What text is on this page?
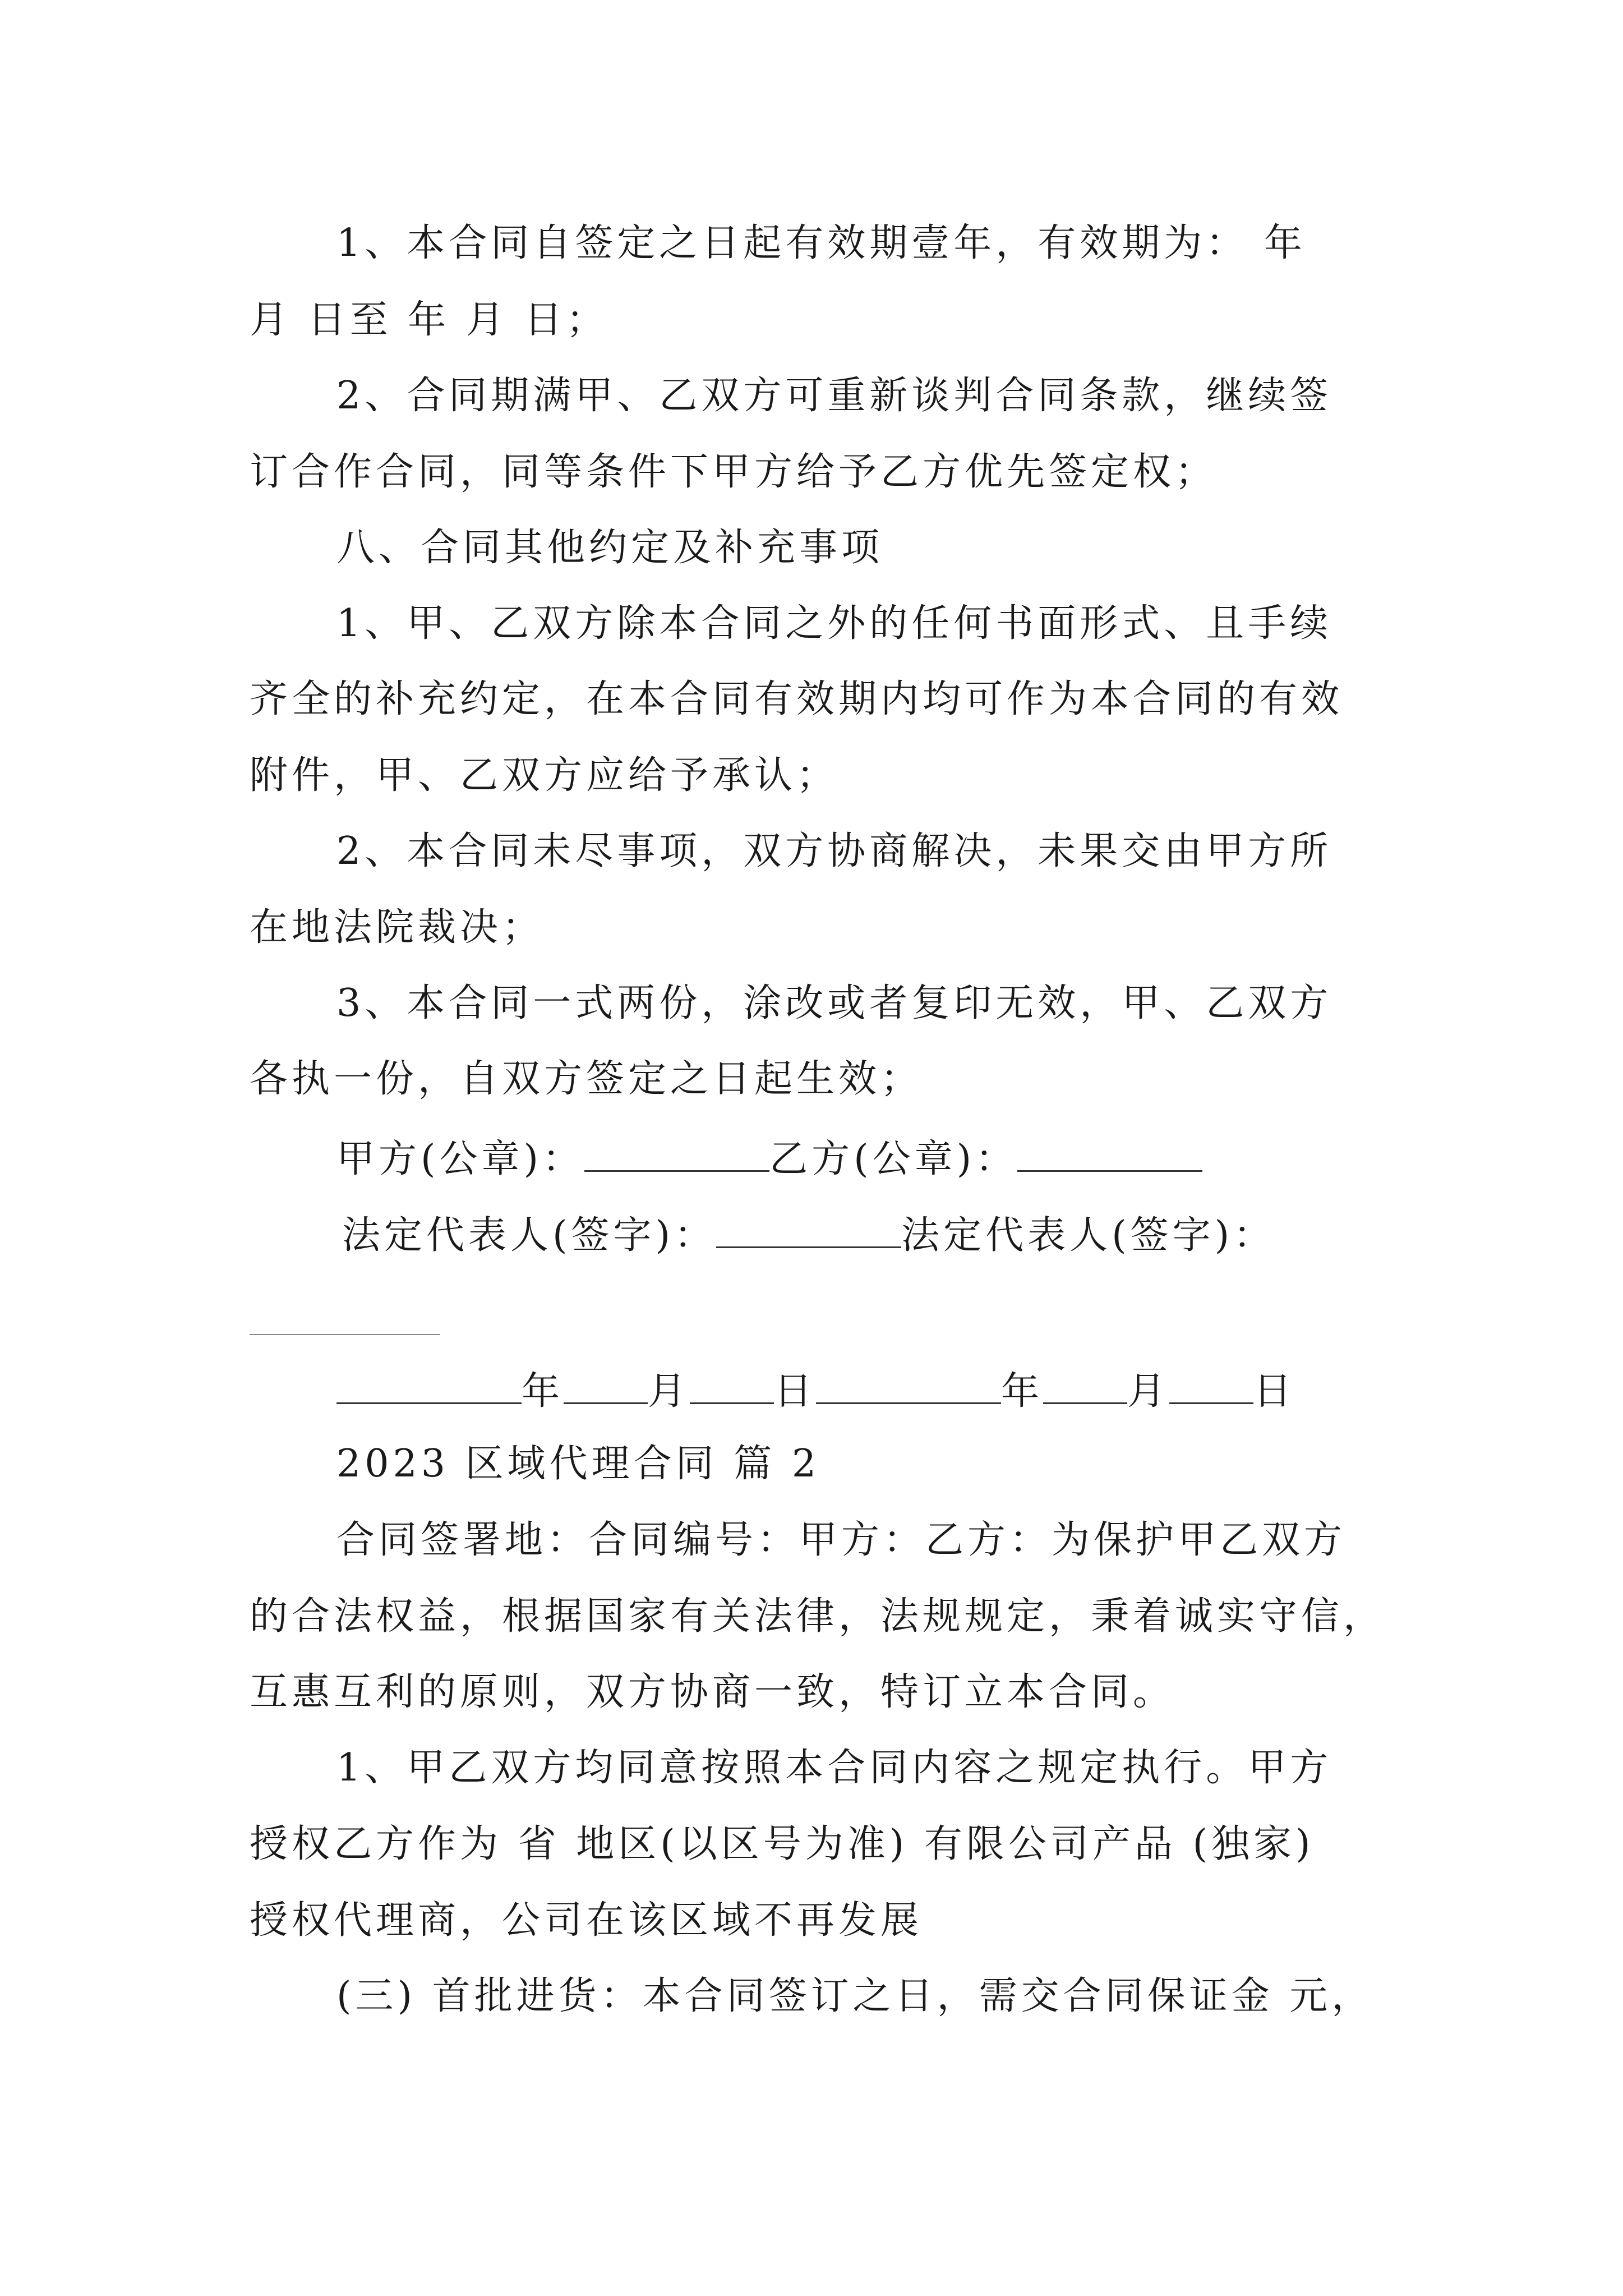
1、本合同自签定之日起有效期壹年，有效期为： 年
月 日至 年 月 日；
2、合同期满甲、乙双方可重新谈判合同条款，继续签
订合作合同，同等条件下甲方给予乙方优先签定权；
八、合同其他约定及补充事项
1、甲、乙双方除本合同之外的任何书面形式、且手续
齐全的补充约定，在本合同有效期内均可作为本合同的有效
附件，甲、乙双方应给予承认；
2、本合同未尽事项，双方协商解决，未果交由甲方所
在地法院裁决；
3、本合同一式两份，涂改或者复印无效，甲、乙双方
各执一份，自双方签定之日起生效；
甲方(公章)：	乙方(公章)：
法定代表人(签字)：	法定代表人(签字)：
年 月 日	年 月 日
2023 区域代理合同 篇 2
合同签署地：合同编号：甲方：乙方：为保护甲乙双方
的合法权益，根据国家有关法律，法规规定，秉着诚实守信，
互惠互利的原则，双方协商一致，特订立本合同。
1、甲乙双方均同意按照本合同内容之规定执行。甲方
授权乙方作为 省 地区(以区号为准) 有限公司产品 (独家)
授权代理商，公司在该区域不再发展
(三) 首批进货：本合同签订之日，需交合同保证金 元，
